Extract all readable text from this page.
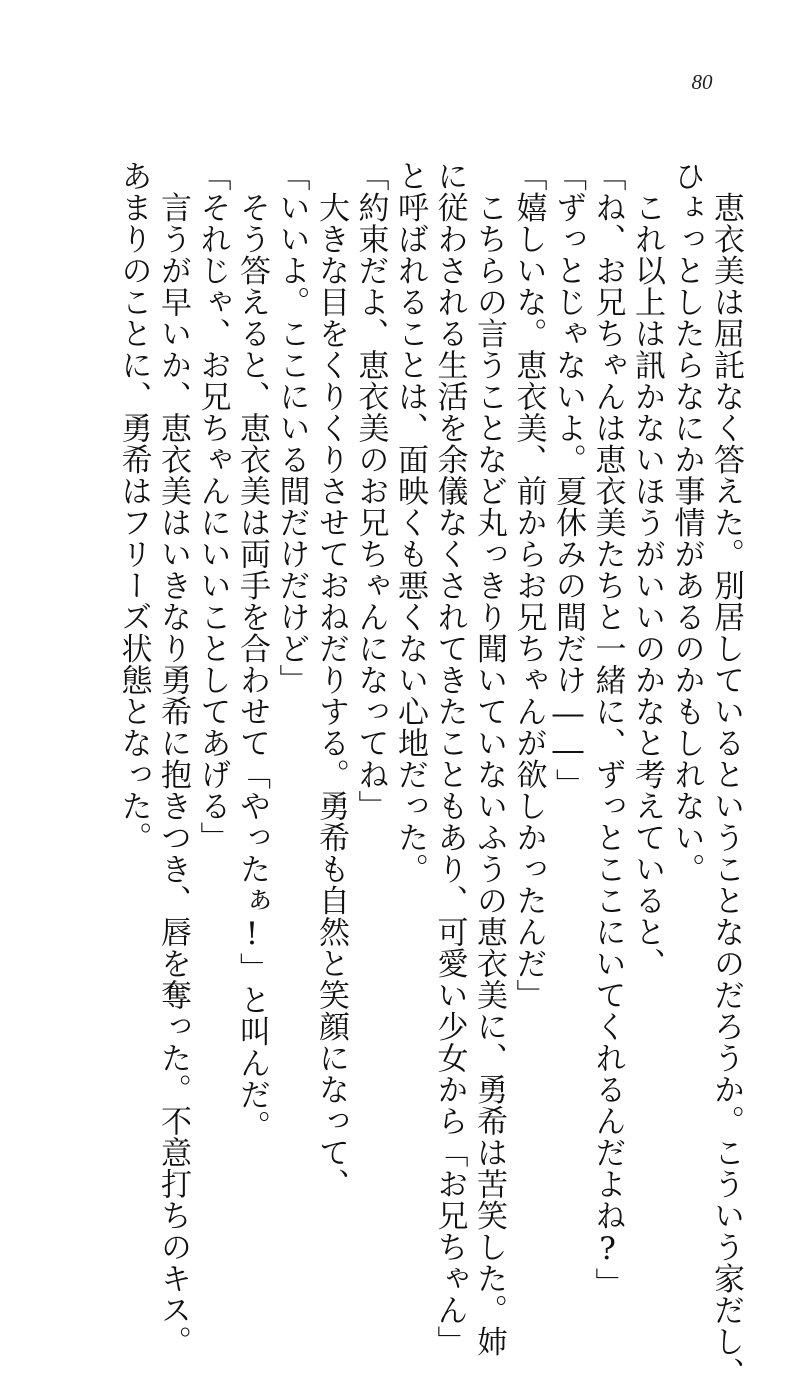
80
　恵衣美は屈託なく答えた。別居しているということなのだろうか。こういう家だし、
ひょっとしたらなにか事情があるのかもしれない。
　これ以上は訊かないほうがいいのかなと考えていると、
「ね、お兄ちゃんは恵衣美たちと一緒に、ずっとここにいてくれるんだよね?」
「ずっとじゃないよ。夏休みの間だけ――」
「嬉しいな。恵衣美、前からお兄ちゃんが欲しかったんだ」
　こちらの言うことなど丸っきり聞いていないふうの恵衣美に、勇希は苦笑した。姉
に従わされる生活を余儀なくされてきたこともあり、可愛い少女から「お兄ちゃん」
と呼ばれることは、面映くも悪くない心地だった。
「約束だよ、恵衣美のお兄ちゃんになってね」
　大きな目をくりくりさせておねだりする。勇希も自然と笑顔になって、
「いいよ。ここにいる間だけだけど」
　そう答えると、恵衣美は両手を合わせて「やったぁ!」と叫んだ。
「それじゃ、お兄ちゃんにいいことしてあげる」
　言うが早いか、恵衣美はいきなり勇希に抱きつき、唇を奪った。不意打ちのキス。
あまりのことに、勇希はフリーズ状態となった。
